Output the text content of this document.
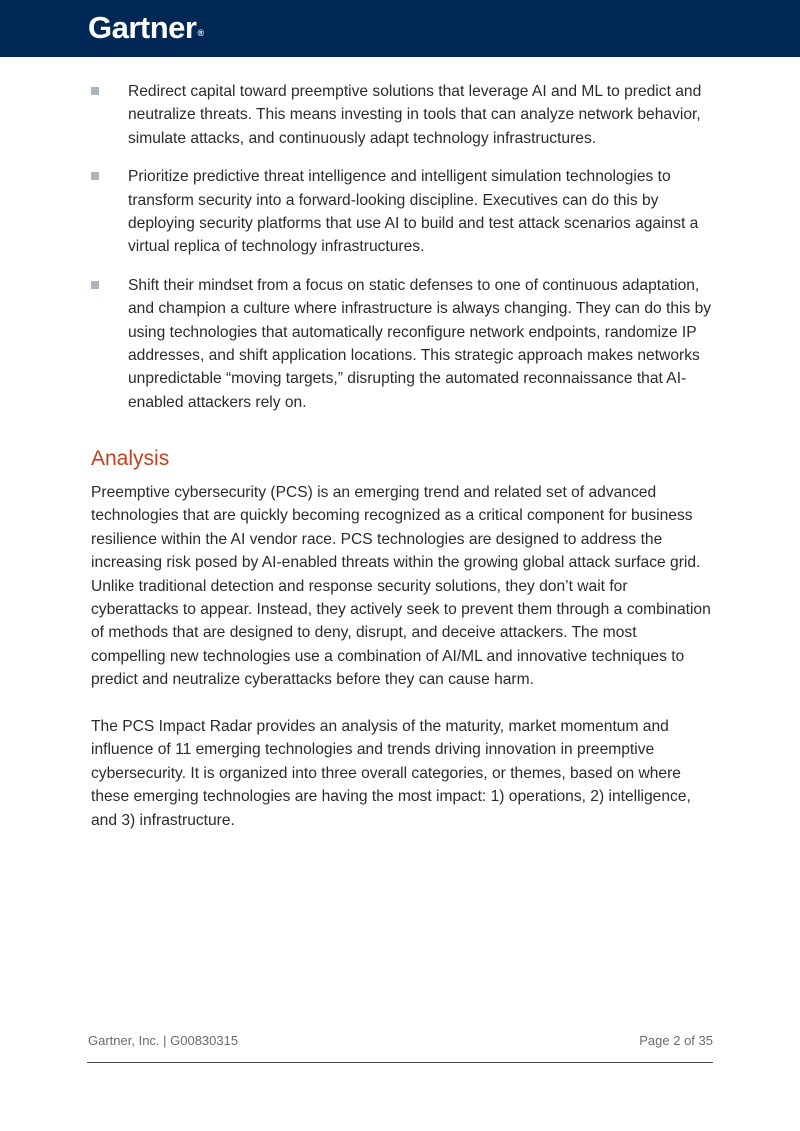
Gartner®
Redirect capital toward preemptive solutions that leverage AI and ML to predict and neutralize threats. This means investing in tools that can analyze network behavior, simulate attacks, and continuously adapt technology infrastructures.
Prioritize predictive threat intelligence and intelligent simulation technologies to transform security into a forward-looking discipline. Executives can do this by deploying security platforms that use AI to build and test attack scenarios against a virtual replica of technology infrastructures.
Shift their mindset from a focus on static defenses to one of continuous adaptation, and champion a culture where infrastructure is always changing. They can do this by using technologies that automatically reconfigure network endpoints, randomize IP addresses, and shift application locations. This strategic approach makes networks unpredictable “moving targets,” disrupting the automated reconnaissance that AI-enabled attackers rely on.
Analysis

Preemptive cybersecurity (PCS) is an emerging trend and related set of advanced technologies that are quickly becoming recognized as a critical component for business resilience within the AI vendor race. PCS technologies are designed to address the increasing risk posed by AI-enabled threats within the growing global attack surface grid. Unlike traditional detection and response security solutions, they don’t wait for cyberattacks to appear. Instead, they actively seek to prevent them through a combination of methods that are designed to deny, disrupt, and deceive attackers. The most compelling new technologies use a combination of AI/ML and innovative techniques to predict and neutralize cyberattacks before they can cause harm.

The PCS Impact Radar provides an analysis of the maturity, market momentum and influence of 11 emerging technologies and trends driving innovation in preemptive cybersecurity. It is organized into three overall categories, or themes, based on where these emerging technologies are having the most impact: 1) operations, 2) intelligence, and 3) infrastructure.

Gartner, Inc. | G00830315	Page 2 of 35
